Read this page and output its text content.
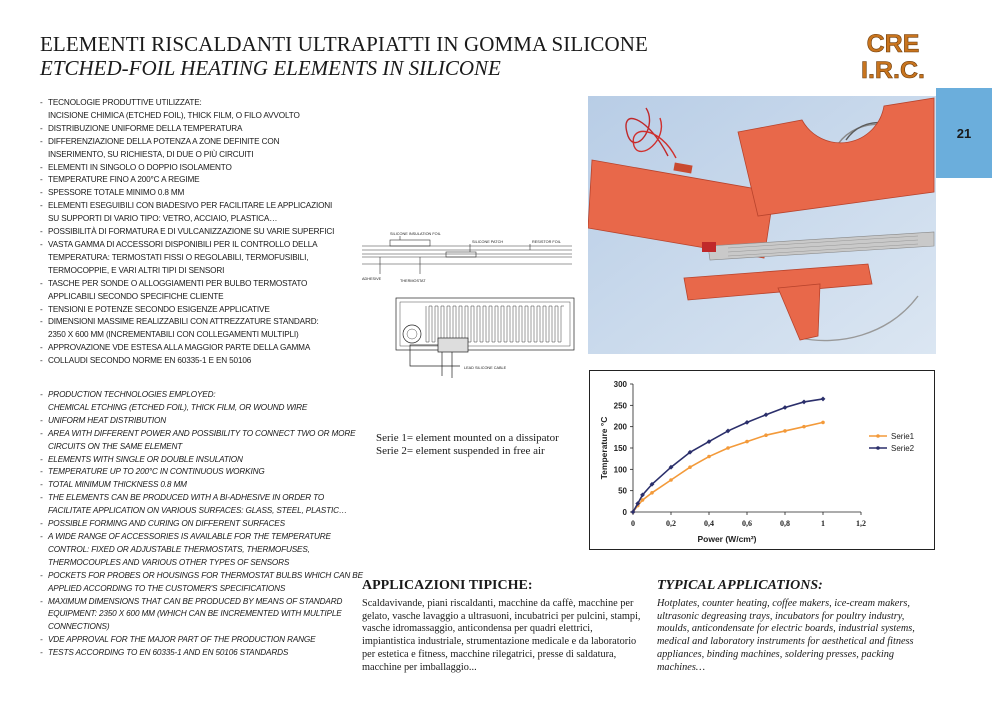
ELEMENTI RISCALDANTI ULTRAPIATTI IN GOMMA SILICONE
ETCHED-FOIL HEATING ELEMENTS IN SILICONE
CRE
I.R.C.
21
- TECNOLOGIE PRODUTTIVE UTILIZZATE:
INCISIONE CHIMICA (ETCHED FOIL), THICK FILM, O FILO AVVOLTO
- DISTRIBUZIONE UNIFORME DELLA TEMPERATURA
- DIFFERENZIAZIONE DELLA POTENZA A ZONE DEFINITE CON
INSERIMENTO, SU RICHIESTA, DI DUE O PIÙ CIRCUITI
- ELEMENTI IN SINGOLO O DOPPIO ISOLAMENTO
- TEMPERATURE FINO A 200°C A REGIME
- SPESSORE TOTALE MINIMO 0.8 MM
- ELEMENTI ESEGUIBILI CON BIADESIVO PER FACILITARE LE APPLICAZIONI
SU SUPPORTI DI VARIO TIPO: VETRO, ACCIAIO, PLASTICA…
- POSSIBILITÀ DI FORMATURA E DI VULCANIZZAZIONE SU VARIE SUPERFICI
- VASTA GAMMA DI ACCESSORI DISPONIBILI PER IL CONTROLLO DELLA
TEMPERATURA: TERMOSTATI FISSI O REGOLABILI, TERMOFUSIBILI,
TERMOCOPPIE, E VARI ALTRI TIPI DI SENSORI
- TASCHE PER SONDE O ALLOGGIAMENTI PER BULBO TERMOSTATO
APPLICABILI SECONDO SPECIFICHE CLIENTE
- TENSIONI E POTENZE SECONDO ESIGENZE APPLICATIVE
- DIMENSIONI MASSIME REALIZZABILI CON ATTREZZATURE STANDARD:
2350 X 600 MM (INCREMENTABILI CON COLLEGAMENTI MULTIPLI)
- APPROVAZIONE VDE ESTESA ALLA MAGGIOR PARTE DELLA GAMMA
- COLLAUDI SECONDO NORME EN 60335-1 E EN 50106
- PRODUCTION TECHNOLOGIES EMPLOYED:
CHEMICAL ETCHING (ETCHED FOIL), THICK FILM, OR WOUND WIRE
- UNIFORM HEAT DISTRIBUTION
- AREA WITH DIFFERENT POWER AND POSSIBILITY TO CONNECT TWO OR MORE
CIRCUITS ON THE SAME ELEMENT
- ELEMENTS WITH SINGLE OR DOUBLE INSULATION
- TEMPERATURE UP TO 200°C IN CONTINUOUS WORKING
- TOTAL MINIMUM THICKNESS 0.8 MM
- THE ELEMENTS CAN BE PRODUCED WITH A BI-ADHESIVE IN ORDER TO
FACILITATE APPLICATION ON VARIOUS SURFACES: GLASS, STEEL, PLASTIC…
- POSSIBLE FORMING AND CURING ON DIFFERENT SURFACES
- A WIDE RANGE OF ACCESSORIES IS AVAILABLE FOR THE TEMPERATURE
CONTROL: FIXED OR ADJUSTABLE THERMOSTATS, THERMOFUSES,
THERMOCOUPLES AND VARIOUS OTHER TYPES OF SENSORS
- POCKETS FOR PROBES OR HOUSINGS FOR THERMOSTAT BULBS WHICH CAN BE
APPLIED ACCORDING TO THE CUSTOMER'S SPECIFICATIONS
- MAXIMUM DIMENSIONS THAT CAN BE PRODUCED BY MEANS OF STANDARD
EQUIPMENT: 2350 X 600 MM (WHICH CAN BE INCREMENTED WITH MULTIPLE
CONNECTIONS)
- VDE APPROVAL FOR THE MAJOR PART OF THE PRODUCTION RANGE
- TESTS ACCORDING TO EN 60335-1 AND EN 50106 STANDARDS
SILICONE INSULATION FOIL
SILICONE PATCH	RESISTOR FOIL
ADHESIVE	THERMOSTAT
LEAD SILICONE CABLE
0
50
100
150
200
250
300
0	0,2	0,4	0,6	0,8	1	1,2
Power (W/cm²)
Temperature °C	Serie1
Serie2
Serie 1= element mounted on a dissipator
Serie 2= element suspended in free air
APPLICAZIONI TIPICHE:	TYPICAL APPLICATIONS:
Scaldavivande, piani riscaldanti, macchine da caffè, macchine per gelato, vasche lavaggio a ultrasuoni, incubatrici per pulcini, stampi, vasche idromassaggio, anticondensa per quadri elettrici, impiantistica industriale, strumentazione medicale e da laboratorio per estetica e fitness, macchine rilegatrici, presse di saldatura, macchine per imballaggio...
Hotplates, counter heating, coffee makers, ice-cream makers, ultrasonic degreasing trays, incubators for poultry industry, moulds, anticondensate for electric boards, industrial systems, medical and laboratory instruments for aesthetical and fitness appliances, binding machines, soldering presses, packing machines…
